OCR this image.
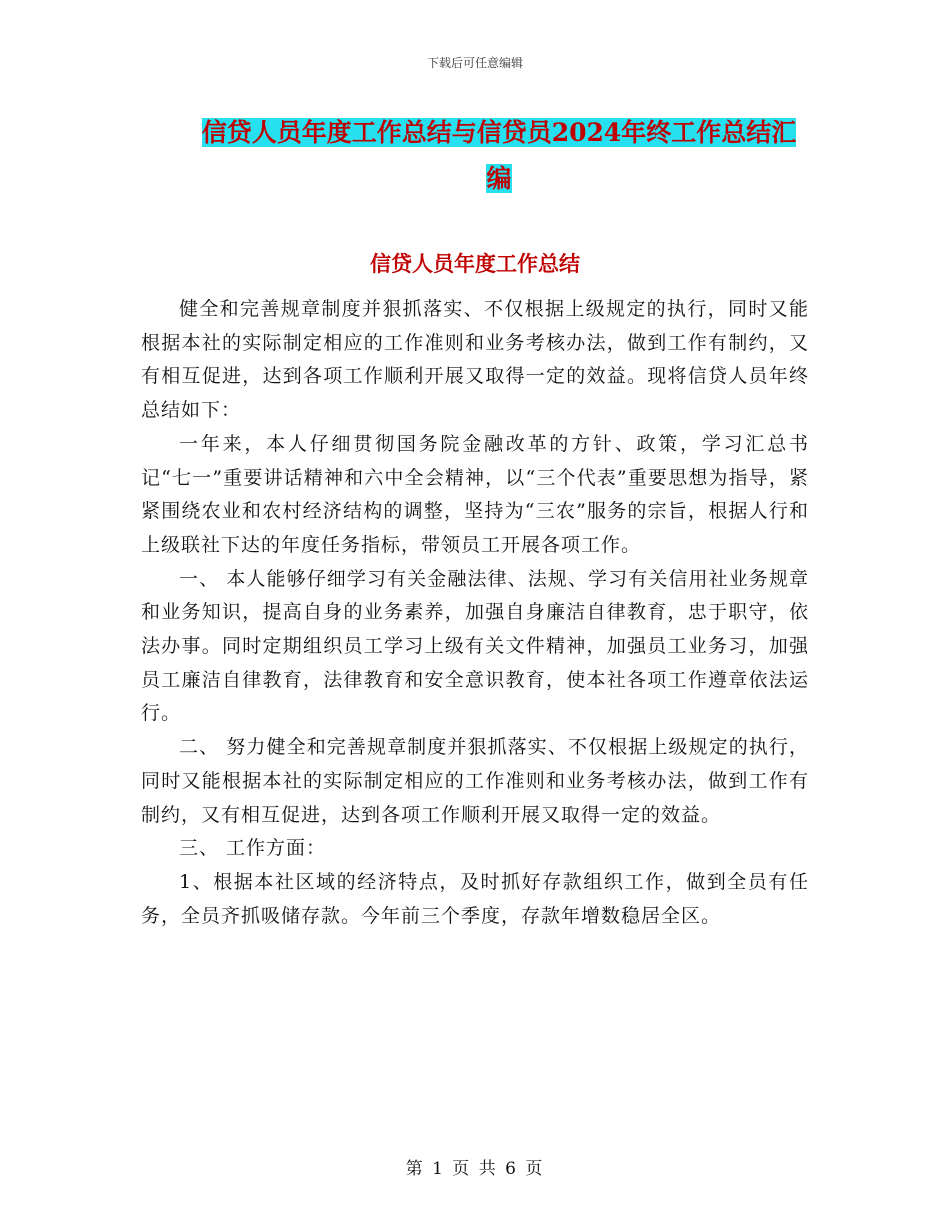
下载后可任意编辑
信贷人员年度工作总结与信贷员2024年终工作总结汇
编
信贷人员年度工作总结

健全和完善规章制度并狠抓落实、不仅根据上级规定的执行，同时又能根据本社的实际制定相应的工作准则和业务考核办法，做到工作有制约，又有相互促进，达到各项工作顺利开展又取得一定的效益。现将信贷人员年终总结如下：

一年来，本人仔细贯彻国务院金融改革的方针、政策，学习汇总书记“七一”重要讲话精神和六中全会精神，以“三个代表”重要思想为指导，紧紧围绕农业和农村经济结构的调整，坚持为“三农”服务的宗旨，根据人行和上级联社下达的年度任务指标，带领员工开展各项工作。

一、 本人能够仔细学习有关金融法律、法规、学习有关信用社业务规章和业务知识，提高自身的业务素养，加强自身廉洁自律教育，忠于职守，依法办事。同时定期组织员工学习上级有关文件精神，加强员工业务习，加强员工廉洁自律教育，法律教育和安全意识教育，使本社各项工作遵章依法运行。

二、 努力健全和完善规章制度并狠抓落实、不仅根据上级规定的执行，同时又能根据本社的实际制定相应的工作准则和业务考核办法，做到工作有制约，又有相互促进，达到各项工作顺利开展又取得一定的效益。

三、 工作方面：

1、根据本社区域的经济特点，及时抓好存款组织工作，做到全员有任务，全员齐抓吸储存款。今年前三个季度，存款年增数稳居全区。

第 1 页 共 6 页
